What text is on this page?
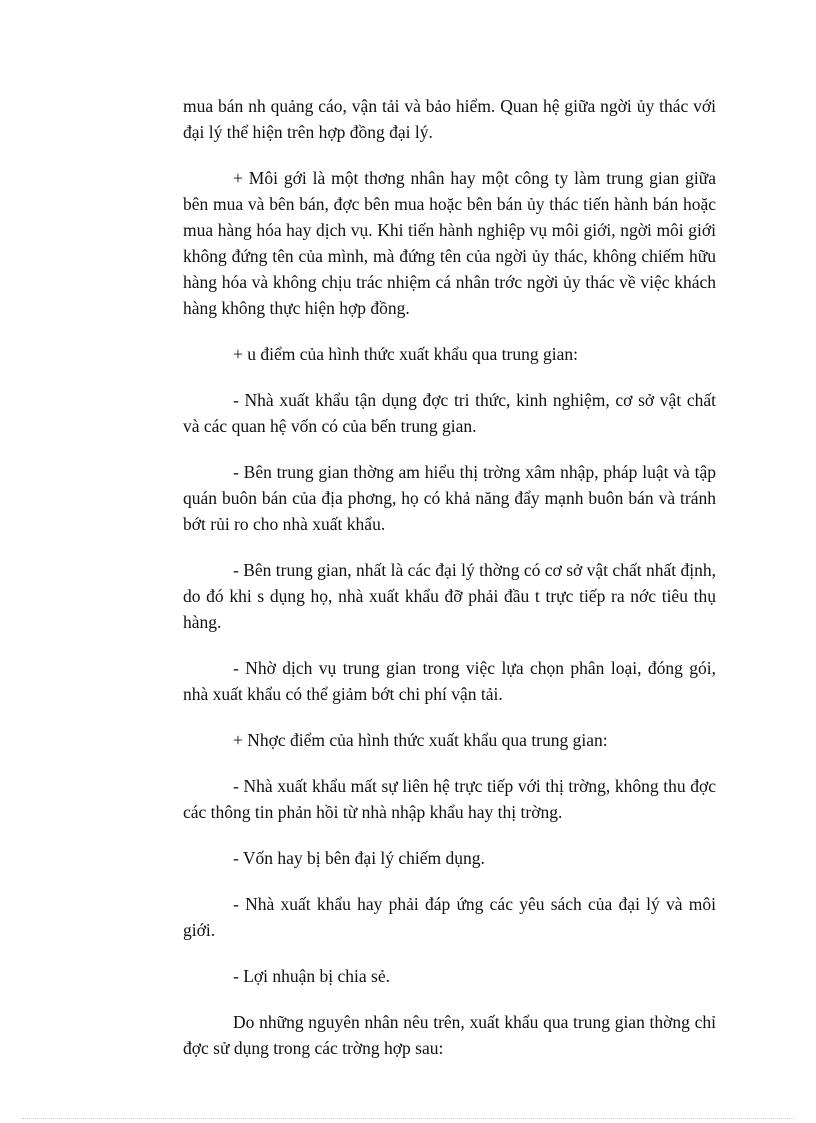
mua bán nh quảng cáo, vận tải và bảo hiểm. Quan hệ giữa ngời ủy thác với đại lý thể hiện trên hợp đồng đại lý.

+ Môi gới là một thơng nhân hay một công ty làm trung gian giữa bên mua và bên bán, đợc bên mua hoặc bên bán ủy thác tiến hành bán hoặc mua hàng hóa hay dịch vụ. Khi tiến hành nghiệp vụ môi giới, ngời môi giới không đứng tên của mình, mà đứng tên của ngời ủy thác, không chiếm hữu hàng hóa và không chịu trác nhiệm cá nhân trớc ngời ủy thác về việc khách hàng không thực hiện hợp đồng.

+ u điểm của hình thức xuất khẩu qua trung gian:

- Nhà xuất khẩu tận dụng đợc tri thức, kinh nghiệm, cơ sở vật chất và các quan hệ vốn có của bến trung gian.

- Bên trung gian thờng am hiểu thị trờng xâm nhập, pháp luật và tập quán buôn bán của địa phơng, họ có khả năng đẩy mạnh buôn bán và tránh bớt rủi ro cho nhà xuất khẩu.

- Bên trung gian, nhất là các đại lý thờng có cơ sở vật chất nhất định, do đó khi s dụng họ, nhà xuất khẩu đỡ phải đầu t trực tiếp ra nớc tiêu thụ hàng.

- Nhờ dịch vụ trung gian trong việc lựa chọn phân loại, đóng gói, nhà xuất khẩu có thể giảm bớt chi phí vận tải.

+ Nhợc điểm của hình thức xuất khẩu qua trung gian:

- Nhà xuất khẩu mất sự liên hệ trực tiếp với thị trờng, không thu đợc các thông tin phản hồi từ nhà nhập khẩu hay thị trờng.

- Vốn hay bị bên đại lý chiếm dụng.

- Nhà xuất khẩu hay phải đáp ứng các yêu sách của đại lý và môi giới.

- Lợi nhuận bị chia sẻ.

Do những nguyên nhân nêu trên, xuất khẩu qua trung gian thờng chỉ đợc sử dụng trong các trờng hợp sau:
